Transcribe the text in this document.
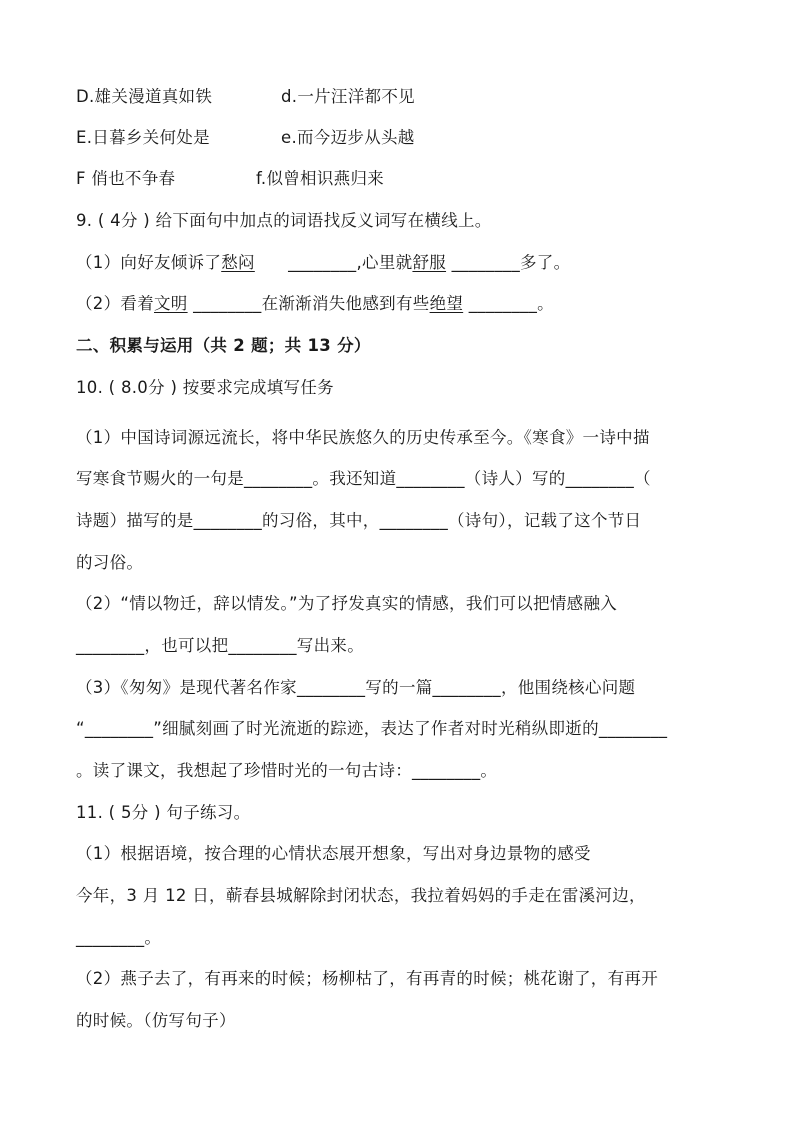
D.雄关漫道真如铁	d.一片汪洋都不见
E.日暮乡关何处是	e.而今迈步从头越
F 俏也不争春	f.似曾相识燕归来
9. ( 4分 ) 给下面句中加点的词语找反义词写在横线上。
（1）向好友倾诉了愁闷      ________,心里就舒服 ________多了。
（2）看着文明 ________在渐渐消失他感到有些绝望 ________。
二、积累与运用（共 2 题；共 13 分）
10. ( 8.0分 ) 按要求完成填写任务
（1）中国诗词源远流长，将中华民族悠久的历史传承至今。《寒食》一诗中描
写寒食节赐火的一句是________。我还知道________（诗人）写的________（
诗题）描写的是________的习俗，其中，________（诗句），记载了这个节日
的习俗。
（2）“情以物迁，辞以情发。”为了抒发真实的情感，我们可以把情感融入
________，也可以把________写出来。
（3）《匆匆》是现代著名作家________写的一篇________，他围绕核心问题
“________”细腻刻画了时光流逝的踪迹，表达了作者对时光稍纵即逝的________
。读了课文，我想起了珍惜时光的一句古诗：________。
11. ( 5分 ) 句子练习。
（1）根据语境，按合理的心情状态展开想象，写出对身边景物的感受
今年，3 月 12 日，蕲春县城解除封闭状态，我拉着妈妈的手走在雷溪河边，
________。
（2）燕子去了，有再来的时候；杨柳枯了，有再青的时候；桃花谢了，有再开
的时候。（仿写句子）
